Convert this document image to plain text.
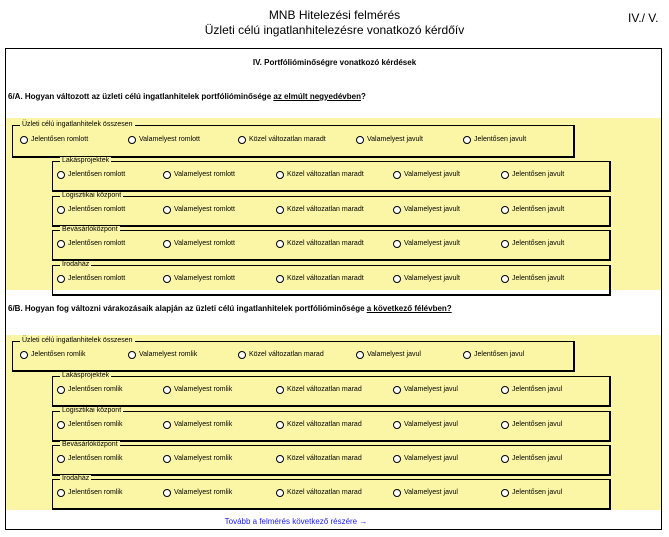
MNB Hitelezési felmérés
Üzleti célú ingatlanhitelezésre vonatkozó kérdőív
IV./ V.
IV. Portfólióminőségre vonatkozó kérdések
6/A. Hogyan változott az üzleti célú ingatlanhitelek portfólióminősége az elmúlt negyedévben?
Üzleti célú ingatlanhitelek összesen
Jelentősen romlott	Valamelyest romlott	Közel változatlan maradt	Valamelyest javult	Jelentősen javult
Lakásprojektek
Jelentősen romlott	Valamelyest romlott	Közel változatlan maradt	Valamelyest javult	Jelentősen javult
Logisztikai központ
Jelentősen romlott	Valamelyest romlott	Közel változatlan maradt	Valamelyest javult	Jelentősen javult
Bevásárlóközpont
Jelentősen romlott	Valamelyest romlott	Közel változatlan maradt	Valamelyest javult	Jelentősen javult
Irodaház
Jelentősen romlott	Valamelyest romlott	Közel változatlan maradt	Valamelyest javult	Jelentősen javult
6/B. Hogyan fog változni várakozásaik alapján az üzleti célú ingatlanhitelek portfólióminősége a következő félévben?
Üzleti célú ingatlanhitelek összesen
Jelentősen romlik	Valamelyest romlik	Közel változatlan marad	Valamelyest javul	Jelentősen javul
Lakásprojektek
Jelentősen romlik	Valamelyest romlik	Közel változatlan marad	Valamelyest javul	Jelentősen javul
Logisztikai központ
Jelentősen romlik	Valamelyest romlik	Közel változatlan marad	Valamelyest javul	Jelentősen javul
Bevásárlóközpont
Jelentősen romlik	Valamelyest romlik	Közel változatlan marad	Valamelyest javul	Jelentősen javul
Irodaház
Jelentősen romlik	Valamelyest romlik	Közel változatlan marad	Valamelyest javul	Jelentősen javul
Tovább a felmérés következő részére →
